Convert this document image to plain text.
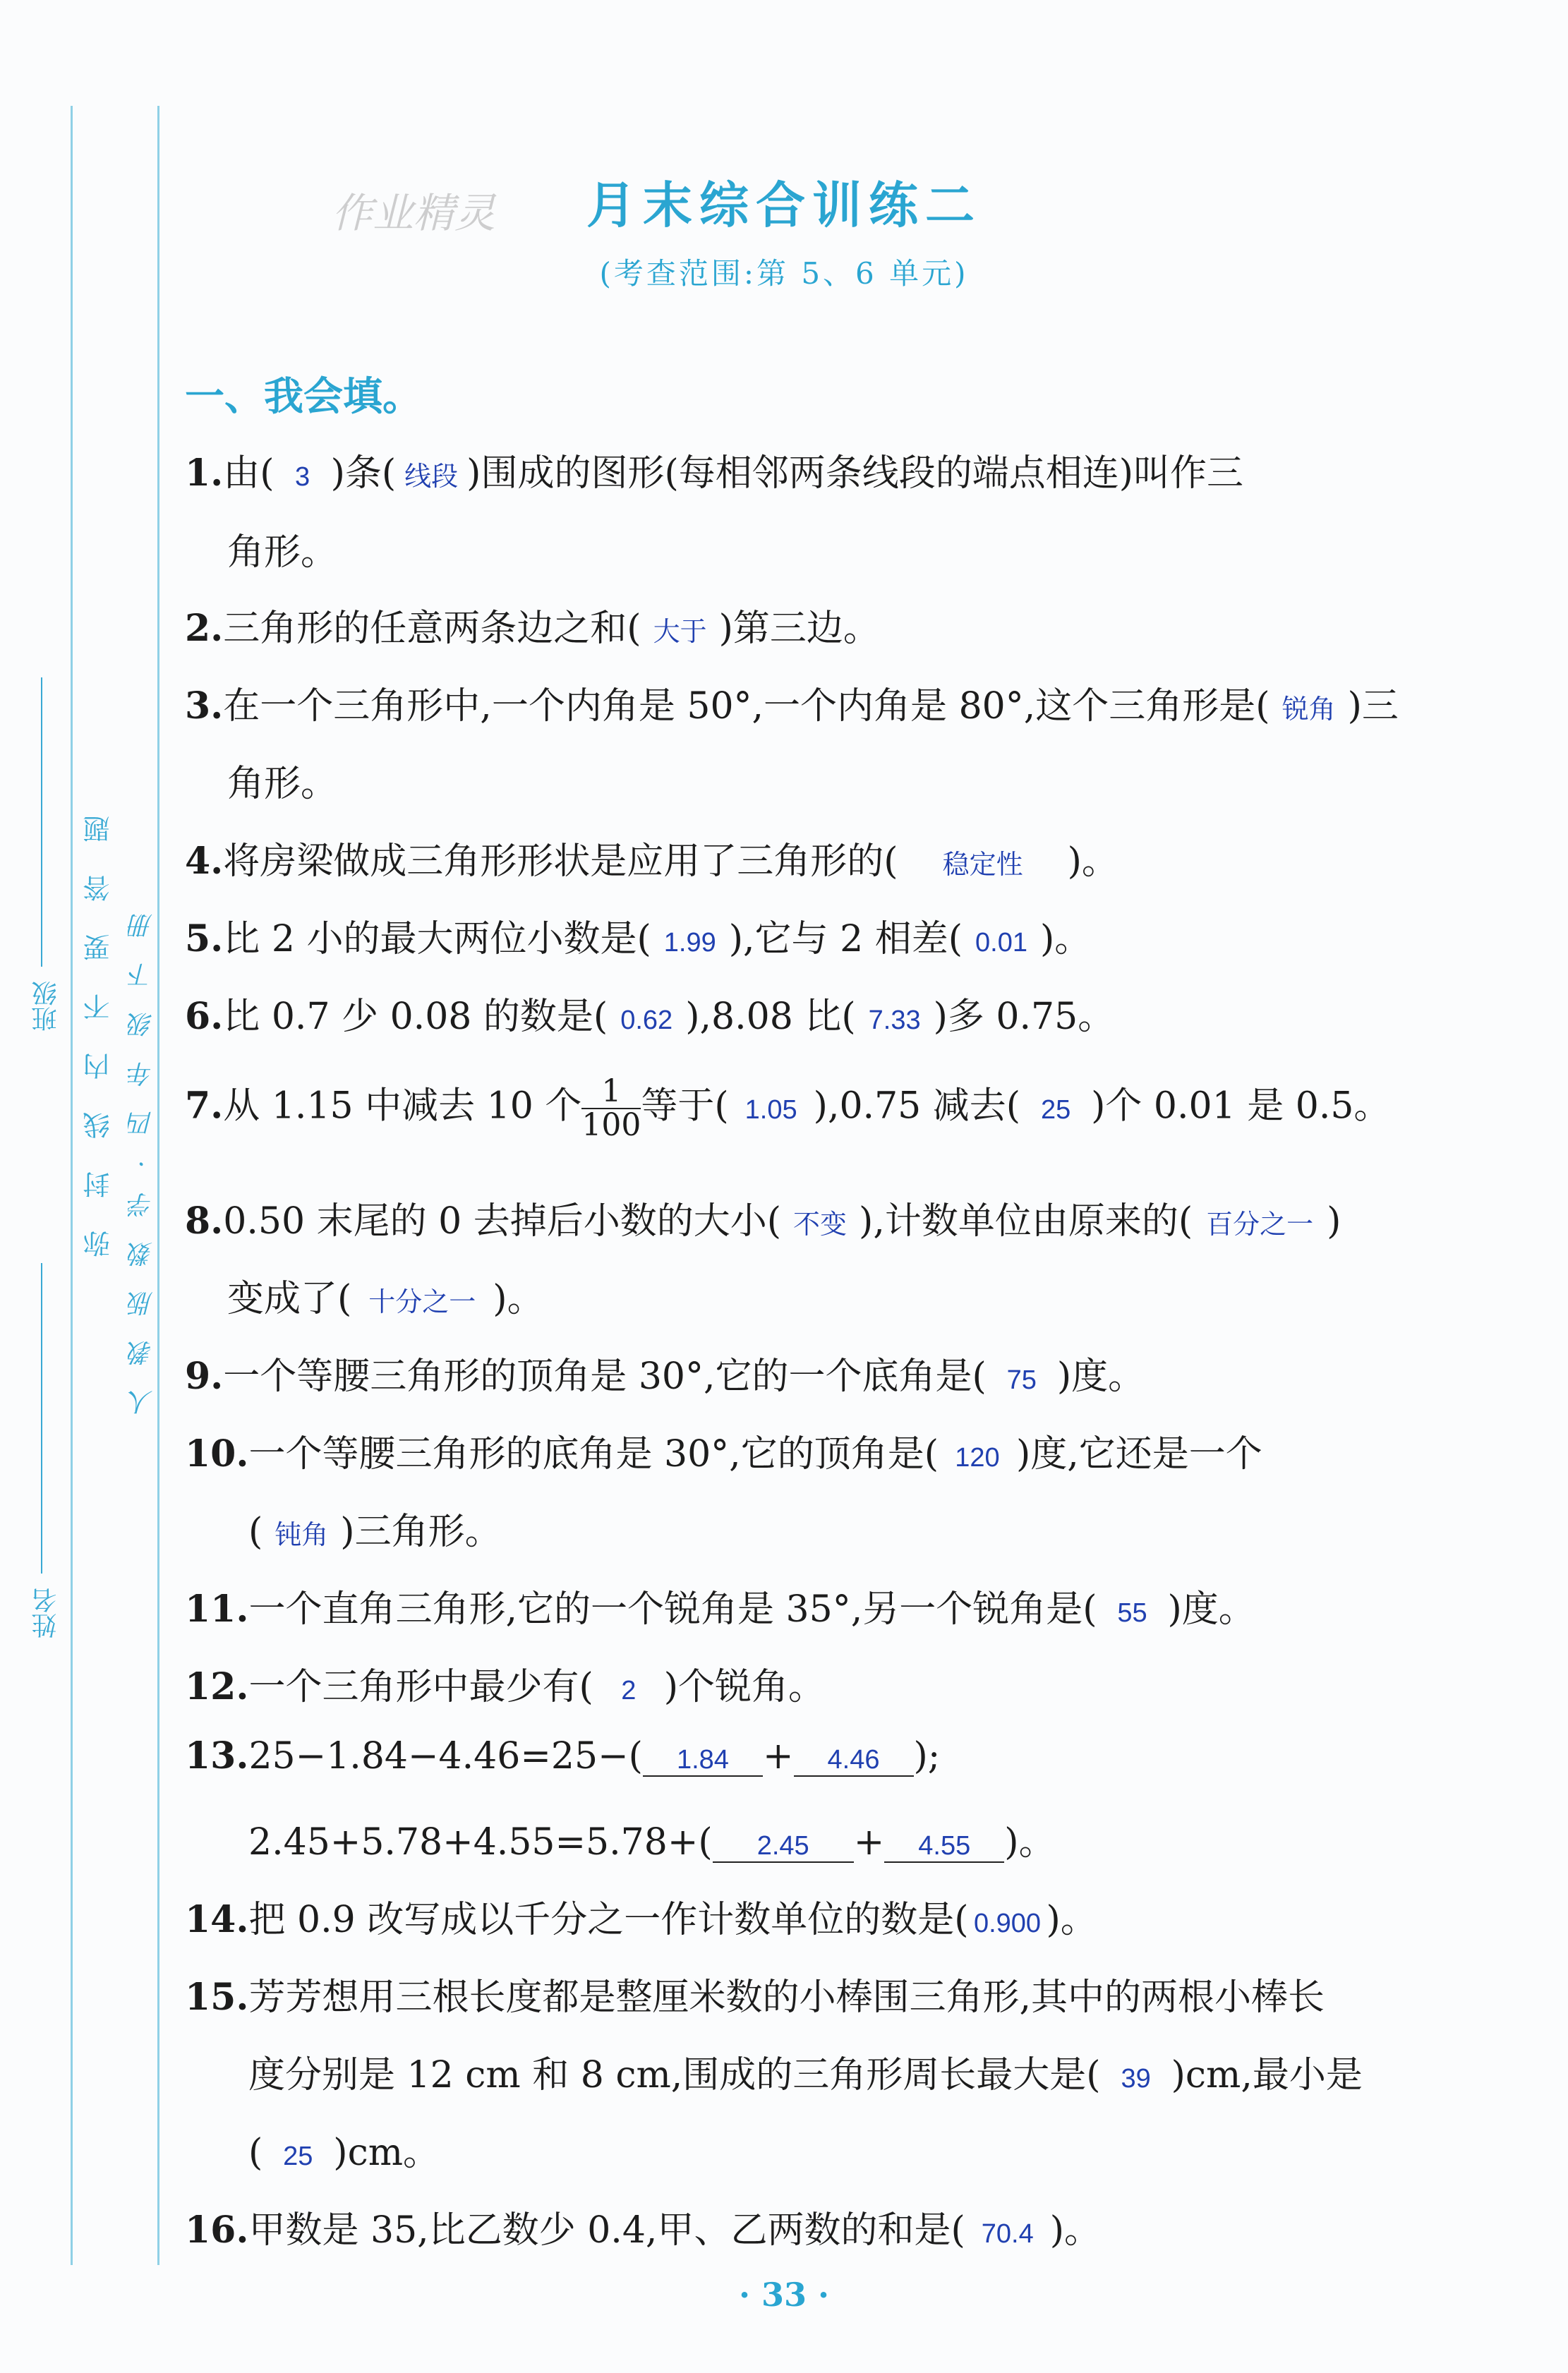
姓名
班级 弥封线内不要答题 人教版数学·四年级下册
作业精灵	月末综合训练二
(考查范围:第 5、6 单元)
一、我会填。
1.由( 3 )条( 线段 )围成的图形(每相邻两条线段的端点相连)叫作三
角形。
2.三角形的任意两条边之和( 大于 )第三边。
3.在一个三角形中,一个内角是 50°,一个内角是 80°,这个三角形是( 锐角 )三
角形。
4.将房梁做成三角形形状是应用了三角形的( 稳定性 )。
5.比 2 小的最大两位小数是( 1.99 ),它与 2 相差( 0.01 )。
6.比 0.7 少 0.08 的数是( 0.62 ),8.08 比( 7.33 )多 0.75。
7.从 1.15 中减去 10 个 $\frac{1}{100}$ 等于( 1.05 ),0.75 减去( 25 )个 0.01 是 0.5。
8.0.50 末尾的 0 去掉后小数的大小( 不变 ),计数单位由原来的( 百分之一 )
变成了( 十分之一 )。
9.一个等腰三角形的顶角是 30°,它的一个底角是( 75 )度。
10.一个等腰三角形的底角是 30°,它的顶角是( 120 )度,它还是一个
( 钝角 )三角形。
11.一个直角三角形,它的一个锐角是 35°,另一个锐角是( 55 )度。
12.一个三角形中最少有( 2 )个锐角。
13.25−1.84−4.46=25−( 1.84 + 4.46 );
2.45+5.78+4.55=5.78+( 2.45 + 4.55 )。
14.把 0.9 改写成以千分之一作计数单位的数是( 0.900 )。
15.芳芳想用三根长度都是整厘米数的小棒围三角形,其中的两根小棒长
度分别是 12 cm 和 8 cm,围成的三角形周长最大是( 39 )cm,最小是
( 25 )cm。
16.甲数是 35,比乙数少 0.4,甲、乙两数的和是( 70.4 )。
· 33 ·
